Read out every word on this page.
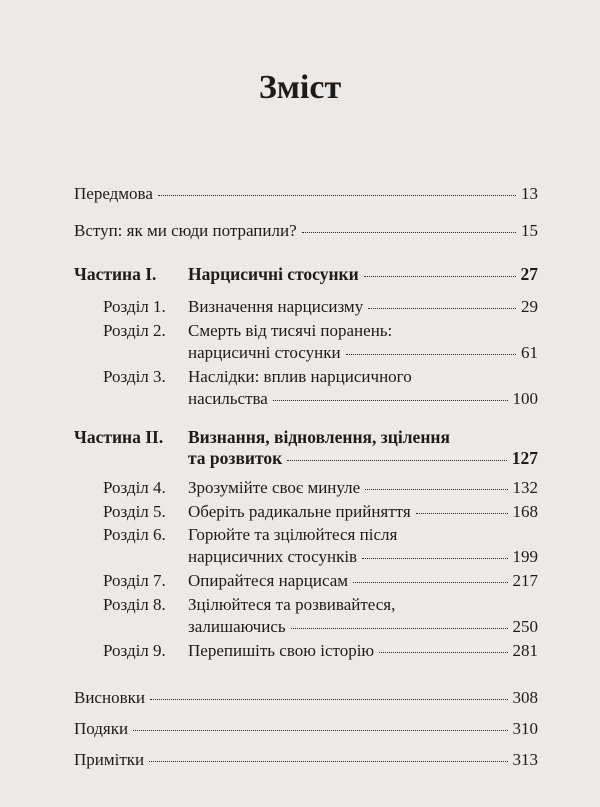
Зміст
Передмова	13
Вступ: як ми сюди потрапили?	15
Частина I. Нарцисичні стосунки	27
Розділ 1. Визначення нарцисизму	29
Розділ 2. Смерть від тисячі поранень:
нарцисичні стосунки	61
Розділ 3. Наслідки: вплив нарцисичного
насильства	100
Частина II. Визнання, відновлення, зцілення
та розвиток	127
Розділ 4. Зрозумійте своє минуле	132
Розділ 5. Оберіть радикальне прийняття	168
Розділ 6. Горюйте та зцілюйтеся після
нарцисичних стосунків	199
Розділ 7. Опирайтеся нарцисам	217
Розділ 8. Зцілюйтеся та розвивайтеся,
залишаючись	250
Розділ 9. Перепишіть свою історію	281
Висновки	308
Подяки	310
Примітки	313
